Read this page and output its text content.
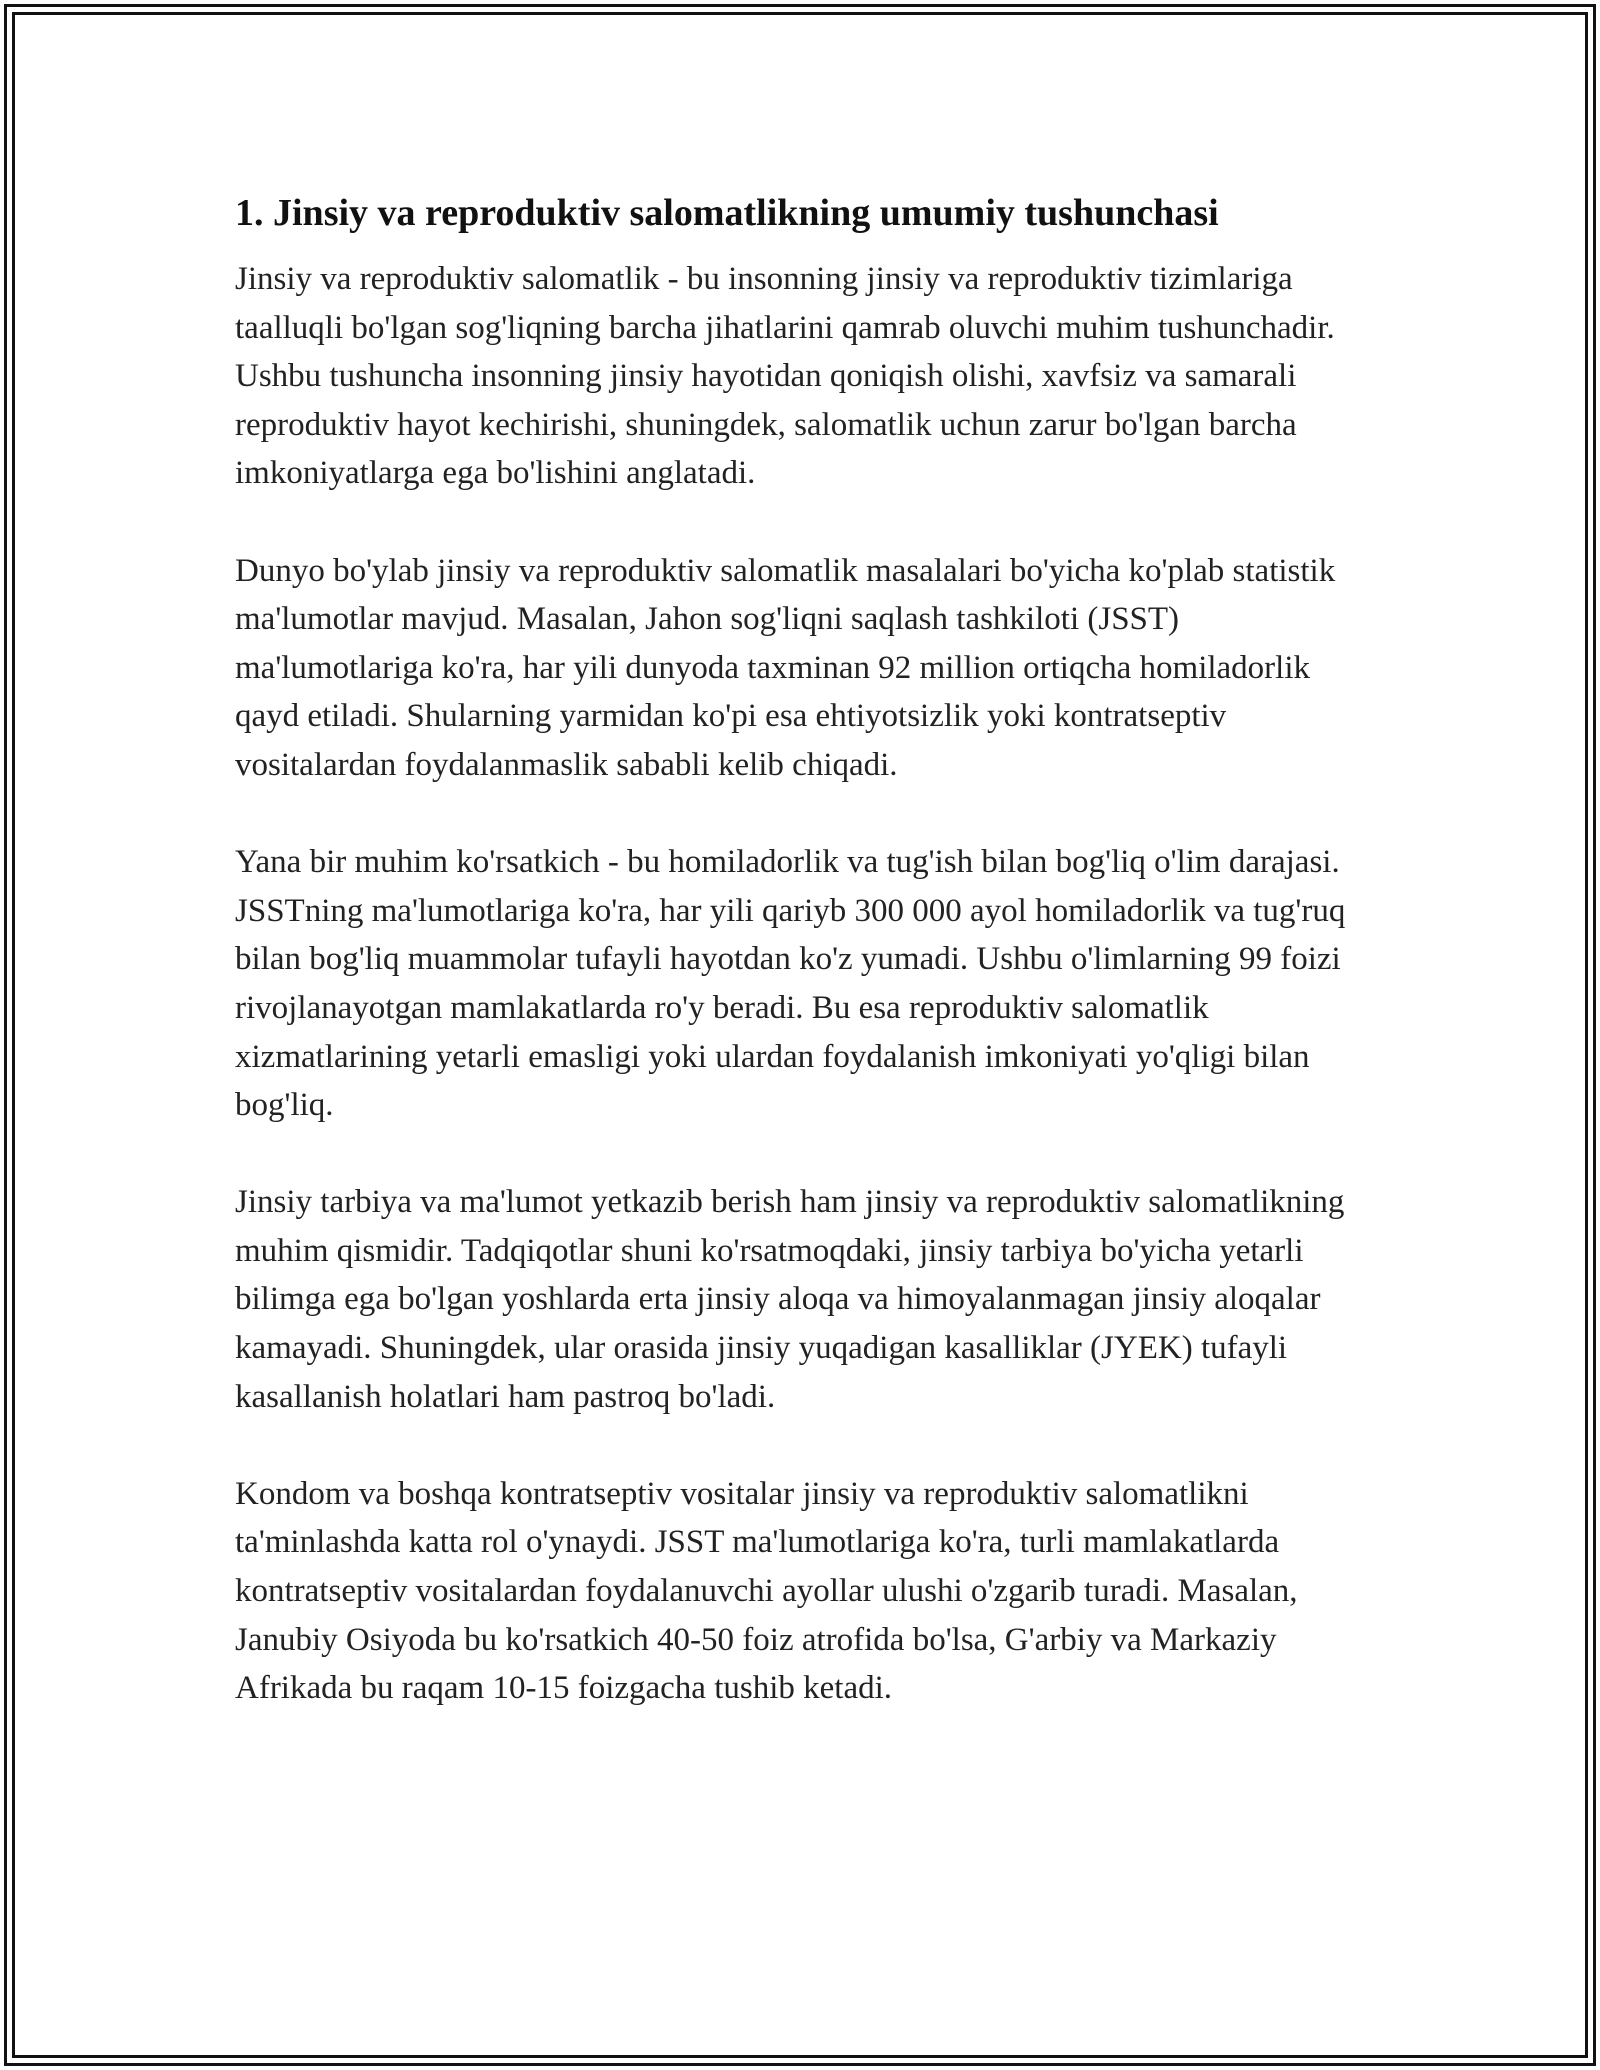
1. Jinsiy va reproduktiv salomatlikning umumiy tushunchasi

Jinsiy va reproduktiv salomatlik - bu insonning jinsiy va reproduktiv tizimlariga taalluqli bo'lgan sog'liqning barcha jihatlarini qamrab oluvchi muhim tushunchadir. Ushbu tushuncha insonning jinsiy hayotidan qoniqish olishi, xavfsiz va samarali reproduktiv hayot kechirishi, shuningdek, salomatlik uchun zarur bo'lgan barcha imkoniyatlarga ega bo'lishini anglatadi.

Dunyo bo'ylab jinsiy va reproduktiv salomatlik masalalari bo'yicha ko'plab statistik ma'lumotlar mavjud. Masalan, Jahon sog'liqni saqlash tashkiloti (JSST) ma'lumotlariga ko'ra, har yili dunyoda taxminan 92 million ortiqcha homiladorlik qayd etiladi. Shularning yarmidan ko'pi esa ehtiyotsizlik yoki kontratseptiv vositalardan foydalanmaslik sababli kelib chiqadi.

Yana bir muhim ko'rsatkich - bu homiladorlik va tug'ish bilan bog'liq o'lim darajasi. JSSTning ma'lumotlariga ko'ra, har yili qariyb 300 000 ayol homiladorlik va tug'ruq bilan bog'liq muammolar tufayli hayotdan ko'z yumadi. Ushbu o'limlarning 99 foizi rivojlanayotgan mamlakatlarda ro'y beradi. Bu esa reproduktiv salomatlik xizmatlarining yetarli emasligi yoki ulardan foydalanish imkoniyati yo'qligi bilan bog'liq.

Jinsiy tarbiya va ma'lumot yetkazib berish ham jinsiy va reproduktiv salomatlikning muhim qismidir. Tadqiqotlar shuni ko'rsatmoqdaki, jinsiy tarbiya bo'yicha yetarli bilimga ega bo'lgan yoshlarda erta jinsiy aloqa va himoyalanmagan jinsiy aloqalar kamayadi. Shuningdek, ular orasida jinsiy yuqadigan kasalliklar (JYEK) tufayli kasallanish holatlari ham pastroq bo'ladi.

Kondom va boshqa kontratseptiv vositalar jinsiy va reproduktiv salomatlikni ta'minlashda katta rol o'ynaydi. JSST ma'lumotlariga ko'ra, turli mamlakatlarda kontratseptiv vositalardan foydalanuvchi ayollar ulushi o'zgarib turadi. Masalan, Janubiy Osiyoda bu ko'rsatkich 40-50 foiz atrofida bo'lsa, G'arbiy va Markaziy Afrikada bu raqam 10-15 foizgacha tushib ketadi.
